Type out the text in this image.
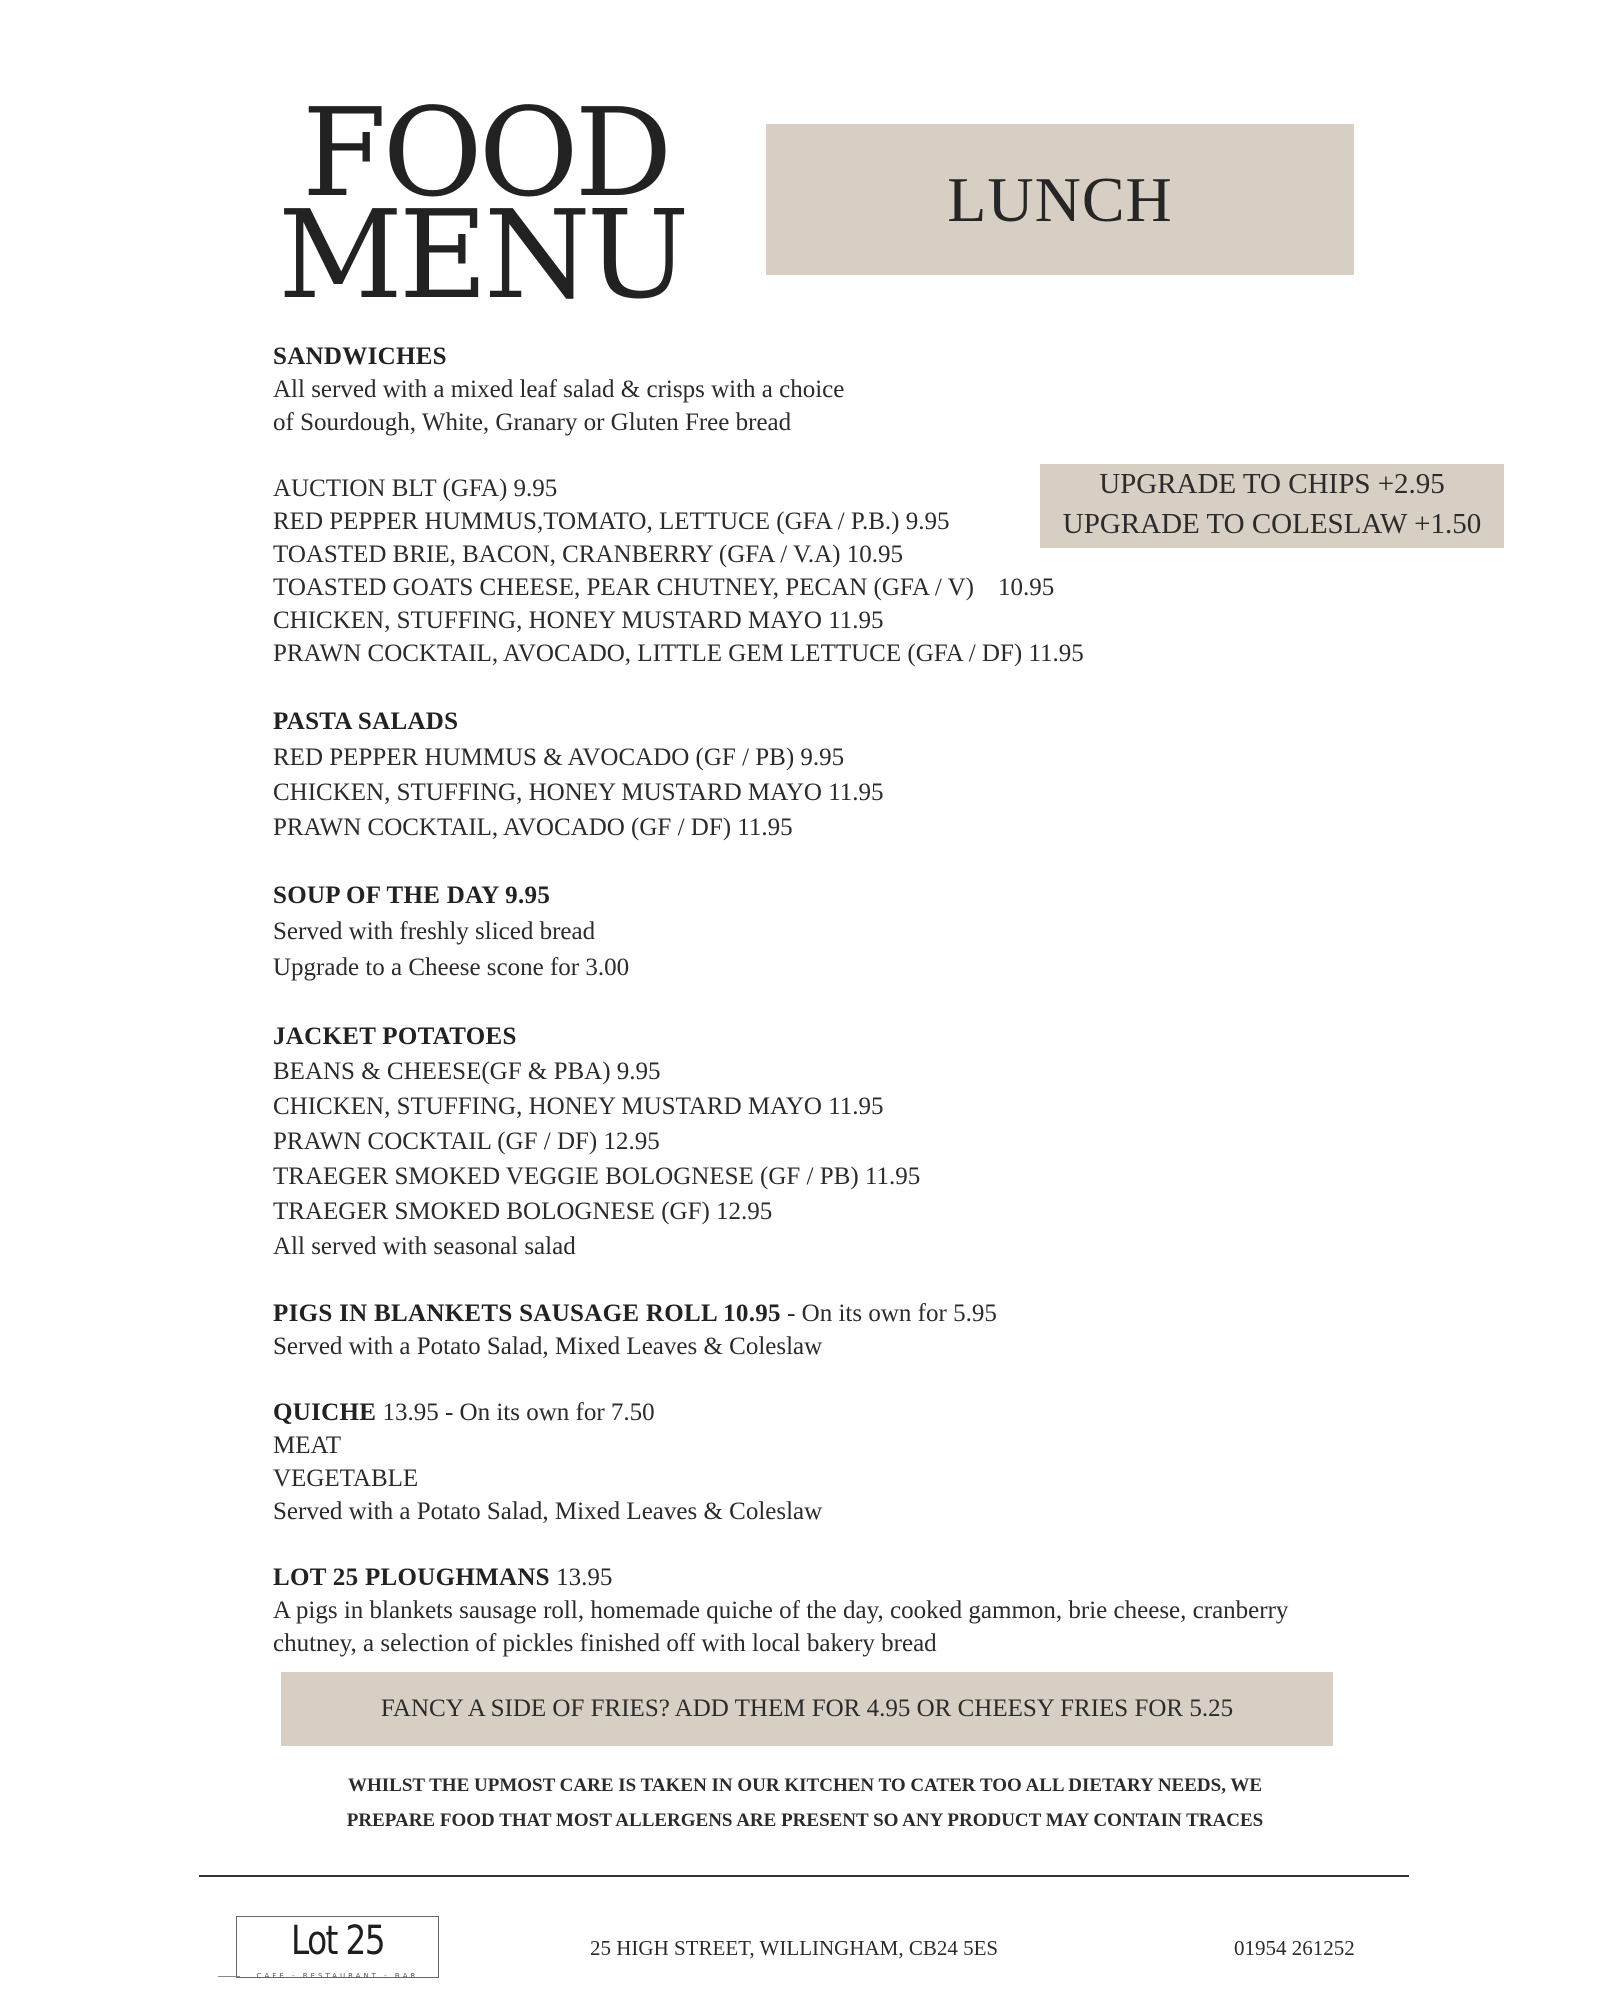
FOOD
MENU	LUNCH
UPGRADE TO CHIPS +2.95
UPGRADE TO COLESLAW +1.50
SANDWICHES
All served with a mixed leaf salad & crisps with a choice
of Sourdough, White, Granary or Gluten Free bread
AUCTION BLT (GFA) 9.95
RED PEPPER HUMMUS,TOMATO, LETTUCE (GFA / P.B.) 9.95
TOASTED BRIE, BACON, CRANBERRY (GFA / V.A) 10.95
TOASTED GOATS CHEESE, PEAR CHUTNEY, PECAN (GFA / V) 10.95
CHICKEN, STUFFING, HONEY MUSTARD MAYO 11.95
PRAWN COCKTAIL, AVOCADO, LITTLE GEM LETTUCE (GFA / DF) 11.95
PASTA SALADS
RED PEPPER HUMMUS & AVOCADO (GF / PB) 9.95
CHICKEN, STUFFING, HONEY MUSTARD MAYO 11.95
PRAWN COCKTAIL, AVOCADO (GF / DF) 11.95
SOUP OF THE DAY 9.95
Served with freshly sliced bread
Upgrade to a Cheese scone for 3.00
JACKET POTATOES
BEANS & CHEESE(GF & PBA) 9.95
CHICKEN, STUFFING, HONEY MUSTARD MAYO 11.95
PRAWN COCKTAIL (GF / DF) 12.95
TRAEGER SMOKED VEGGIE BOLOGNESE (GF / PB) 11.95
TRAEGER SMOKED BOLOGNESE (GF) 12.95
All served with seasonal salad
PIGS IN BLANKETS SAUSAGE ROLL 10.95 - On its own for 5.95
Served with a Potato Salad, Mixed Leaves & Coleslaw
QUICHE 13.95 - On its own for 7.50
MEAT
VEGETABLE
Served with a Potato Salad, Mixed Leaves & Coleslaw
LOT 25 PLOUGHMANS 13.95
A pigs in blankets sausage roll, homemade quiche of the day, cooked gammon, brie cheese, cranberry chutney, a selection of pickles finished off with local bakery bread
FANCY A SIDE OF FRIES? ADD THEM FOR 4.95 OR CHEESY FRIES FOR 5.25
WHILST THE UPMOST CARE IS TAKEN IN OUR KITCHEN TO CATER TOO ALL DIETARY NEEDS, WE
PREPARE FOOD THAT MOST ALLERGENS ARE PRESENT SO ANY PRODUCT MAY CONTAIN TRACES
Lot 25
CAFE - RESTAURANT - BAR
25 HIGH STREET, WILLINGHAM, CB24 5ES	01954 261252
